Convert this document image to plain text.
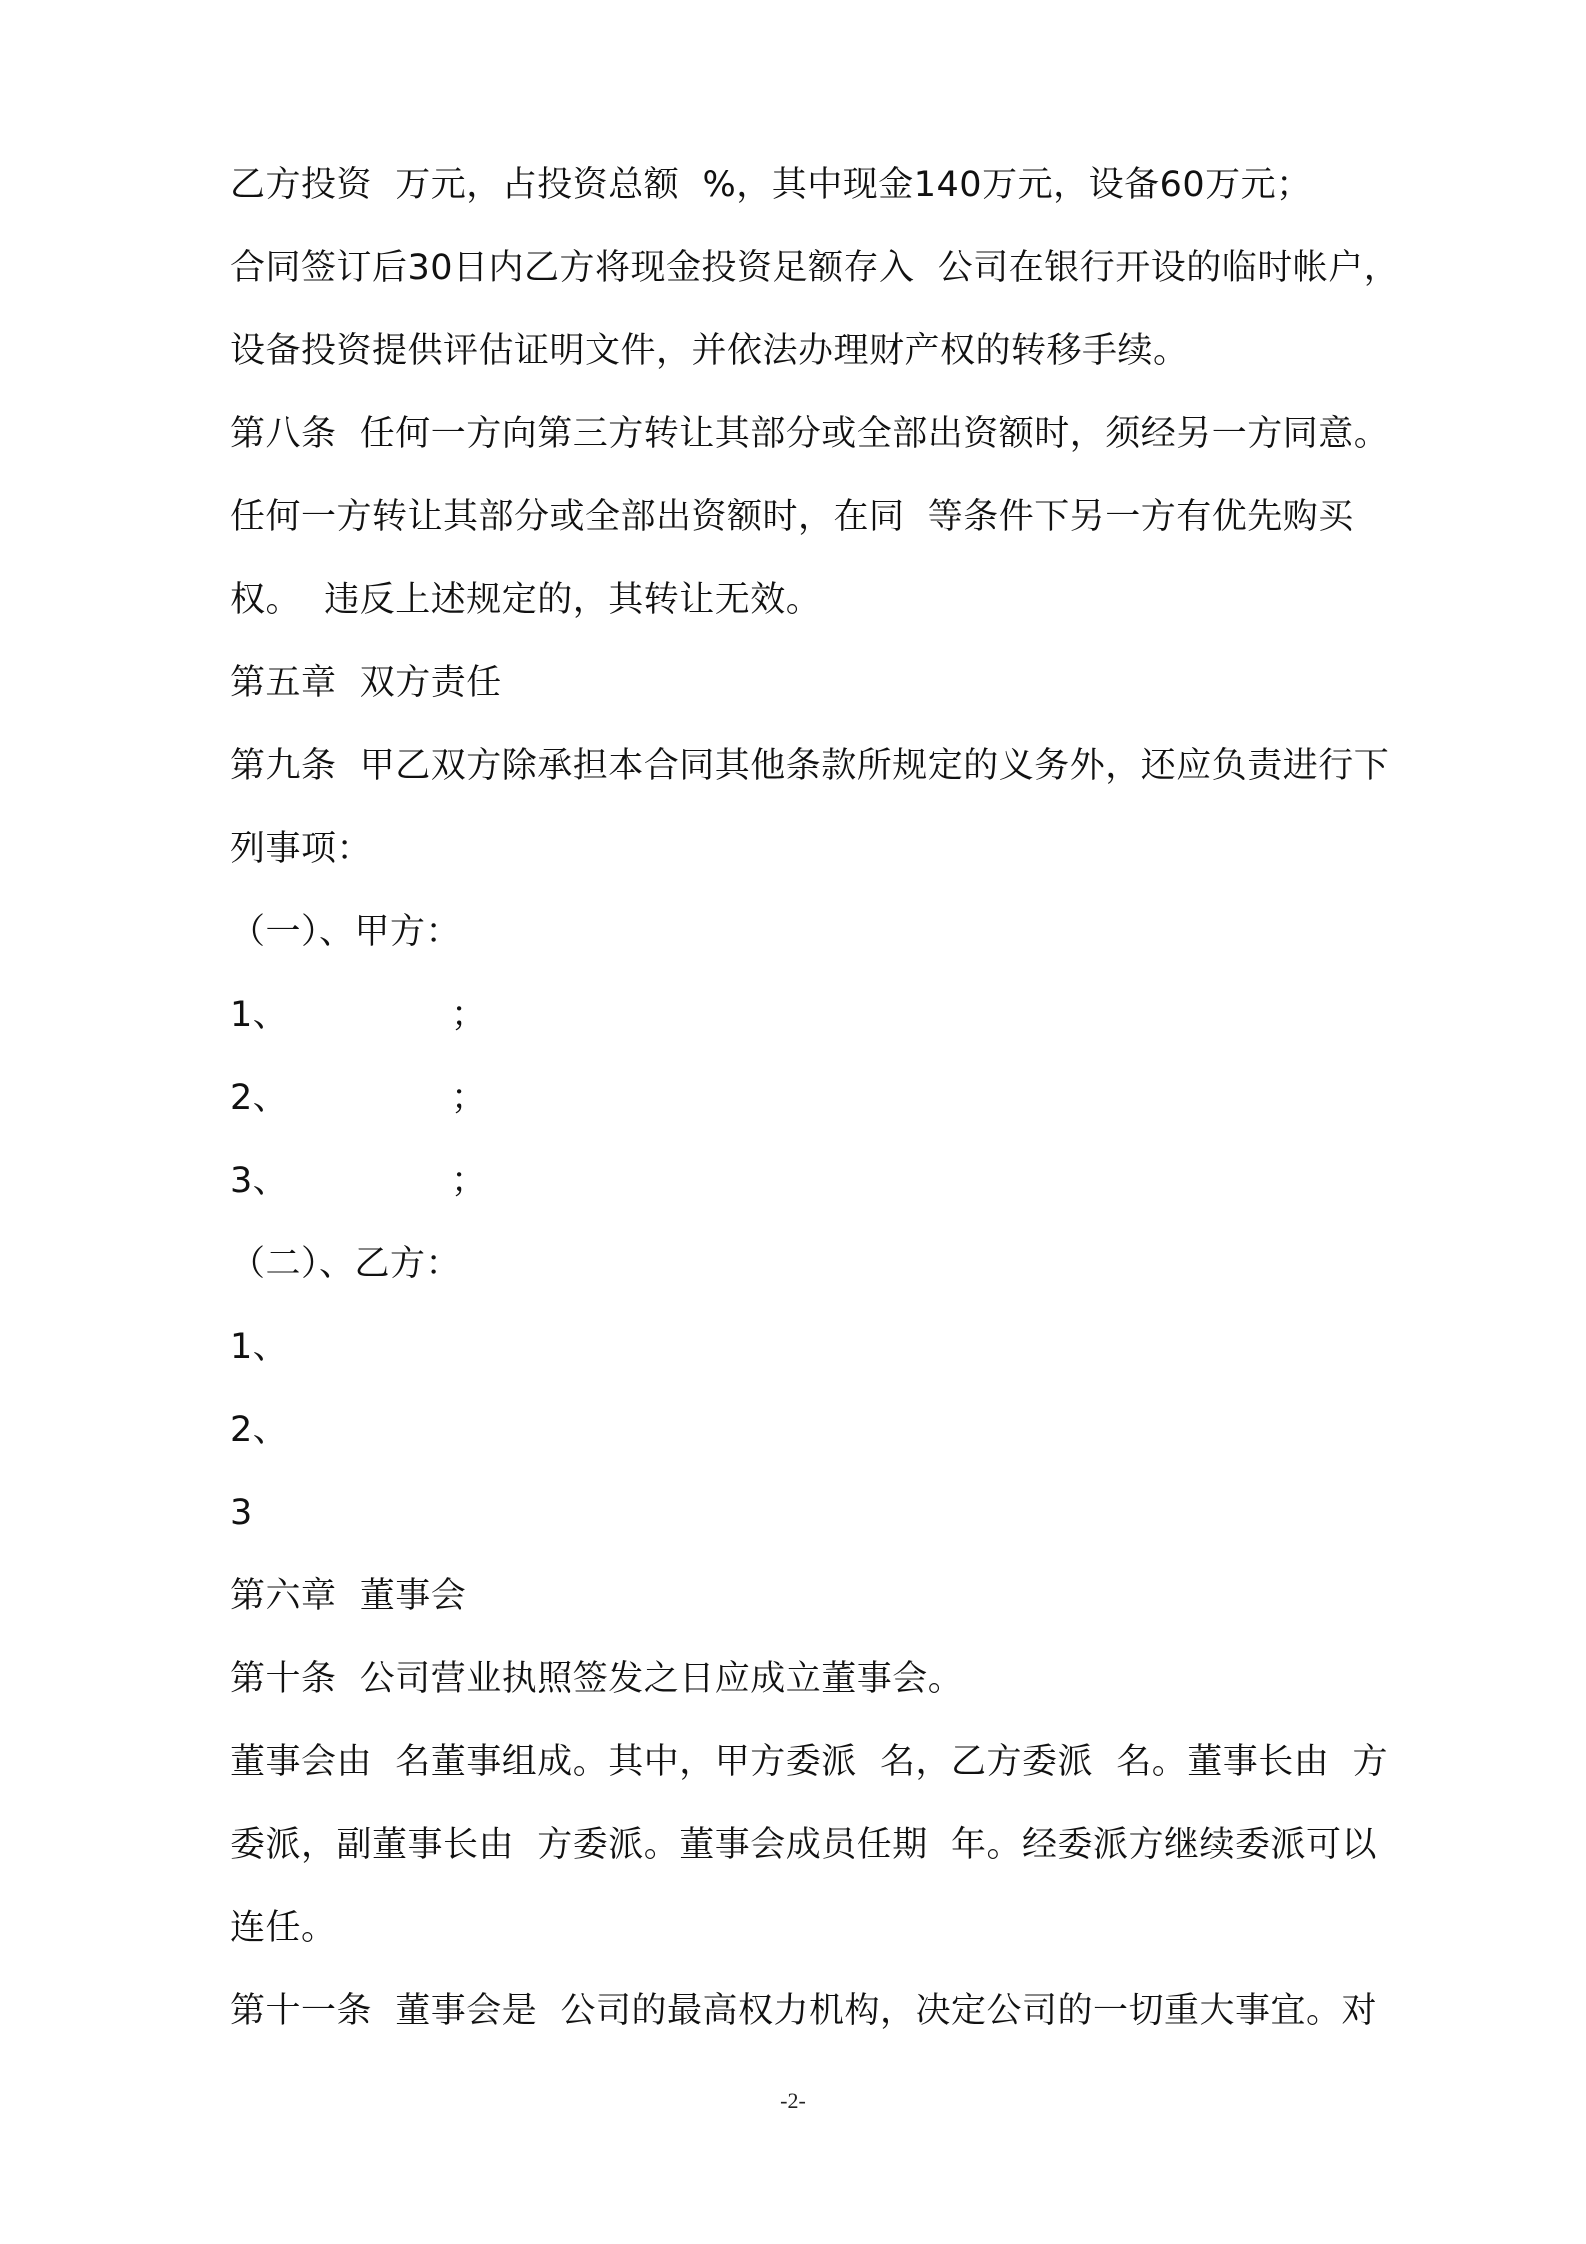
乙方投资  万元，占投资总额  %，其中现金140万元，设备60万元；
合同签订后30日内乙方将现金投资足额存入  公司在银行开设的临时帐户，
设备投资提供评估证明文件，并依法办理财产权的转移手续。
第八条  任何一方向第三方转让其部分或全部出资额时，须经另一方同意。
任何一方转让其部分或全部出资额时，在同  等条件下另一方有优先购买
权。  违反上述规定的，其转让无效。
第五章  双方责任
第九条  甲乙双方除承担本合同其他条款所规定的义务外，还应负责进行下
列事项：
（一）、甲方：
1、              ；
2、              ；
3、              ；
（二）、乙方：
1、
2、
3
第六章  董事会
第十条  公司营业执照签发之日应成立董事会。
董事会由  名董事组成。其中，甲方委派  名，乙方委派  名。董事长由  方
委派，副董事长由  方委派。董事会成员任期  年。经委派方继续委派可以
连任。
第十一条  董事会是  公司的最高权力机构，决定公司的一切重大事宜。对
-2-
